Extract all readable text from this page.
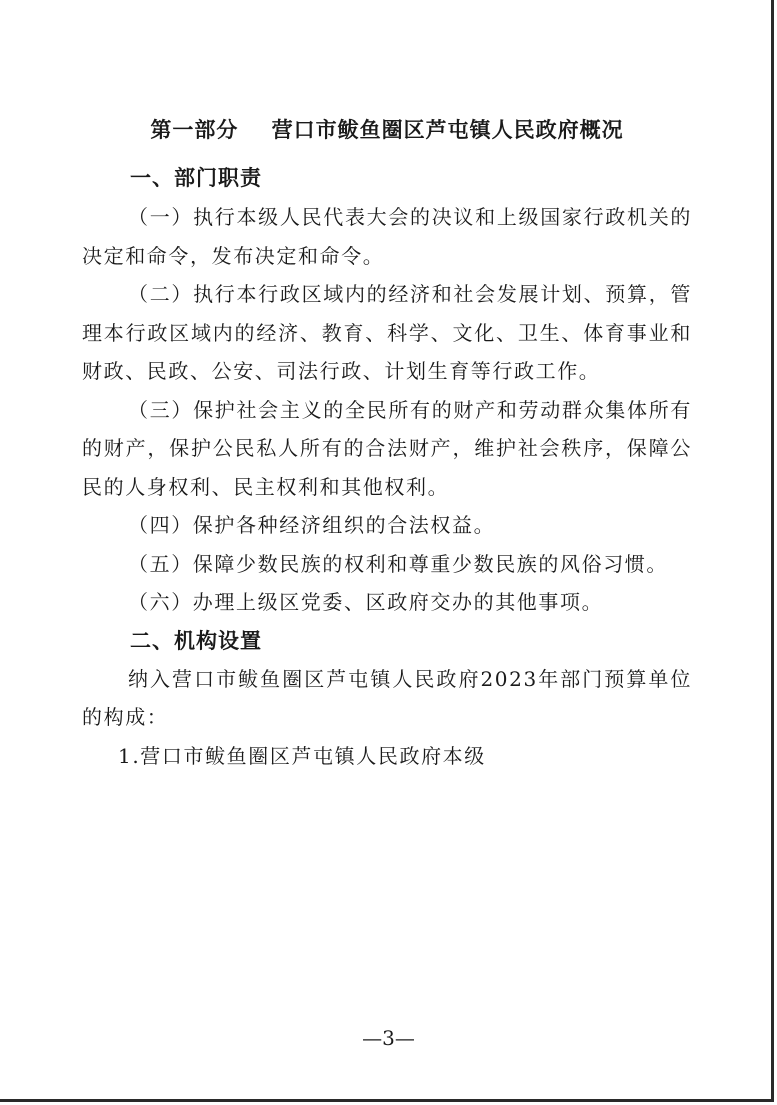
第一部分    营口市鲅鱼圈区芦屯镇人民政府概况
一、部门职责

（一）执行本级人民代表大会的决议和上级国家行政机关的决定和命令，发布决定和命令。

（二）执行本行政区域内的经济和社会发展计划、预算，管理本行政区域内的经济、教育、科学、文化、卫生、体育事业和财政、民政、公安、司法行政、计划生育等行政工作。

（三）保护社会主义的全民所有的财产和劳动群众集体所有的财产，保护公民私人所有的合法财产，维护社会秩序，保障公民的人身权利、民主权利和其他权利。

（四）保护各种经济组织的合法权益。

（五）保障少数民族的权利和尊重少数民族的风俗习惯。

（六）办理上级区党委、区政府交办的其他事项。

二、机构设置

纳入营口市鲅鱼圈区芦屯镇人民政府2023年部门预算单位的构成：

1.营口市鲅鱼圈区芦屯镇人民政府本级

—3—
